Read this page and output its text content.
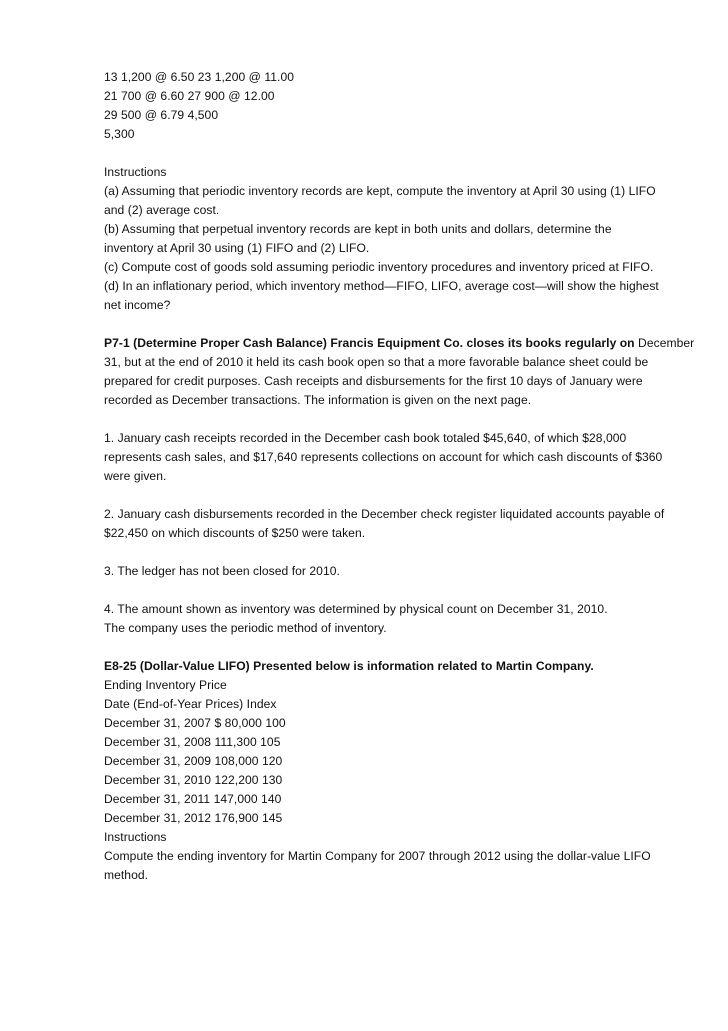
13 1,200 @ 6.50 23 1,200 @ 11.00
21 700 @ 6.60 27 900 @ 12.00
29 500 @ 6.79 4,500
5,300
Instructions
(a) Assuming that periodic inventory records are kept, compute the inventory at April 30 using (1) LIFO
and (2) average cost.
(b) Assuming that perpetual inventory records are kept in both units and dollars, determine the
inventory at April 30 using (1) FIFO and (2) LIFO.
(c) Compute cost of goods sold assuming periodic inventory procedures and inventory priced at FIFO.
(d) In an inflationary period, which inventory method—FIFO, LIFO, average cost—will show the highest
net income?
P7-1 (Determine Proper Cash Balance) Francis Equipment Co. closes its books regularly on December
31, but at the end of 2010 it held its cash book open so that a more favorable balance sheet could be
prepared for credit purposes. Cash receipts and disbursements for the first 10 days of January were
recorded as December transactions. The information is given on the next page.
1. January cash receipts recorded in the December cash book totaled $45,640, of which $28,000
represents cash sales, and $17,640 represents collections on account for which cash discounts of $360
were given.
2. January cash disbursements recorded in the December check register liquidated accounts payable of
$22,450 on which discounts of $250 were taken.
3. The ledger has not been closed for 2010.
4. The amount shown as inventory was determined by physical count on December 31, 2010.
The company uses the periodic method of inventory.
E8-25 (Dollar-Value LIFO) Presented below is information related to Martin Company.
Ending Inventory Price
Date (End-of-Year Prices) Index
December 31, 2007 $ 80,000 100
December 31, 2008 111,300 105
December 31, 2009 108,000 120
December 31, 2010 122,200 130
December 31, 2011 147,000 140
December 31, 2012 176,900 145
Instructions
Compute the ending inventory for Martin Company for 2007 through 2012 using the dollar-value LIFO
method.
